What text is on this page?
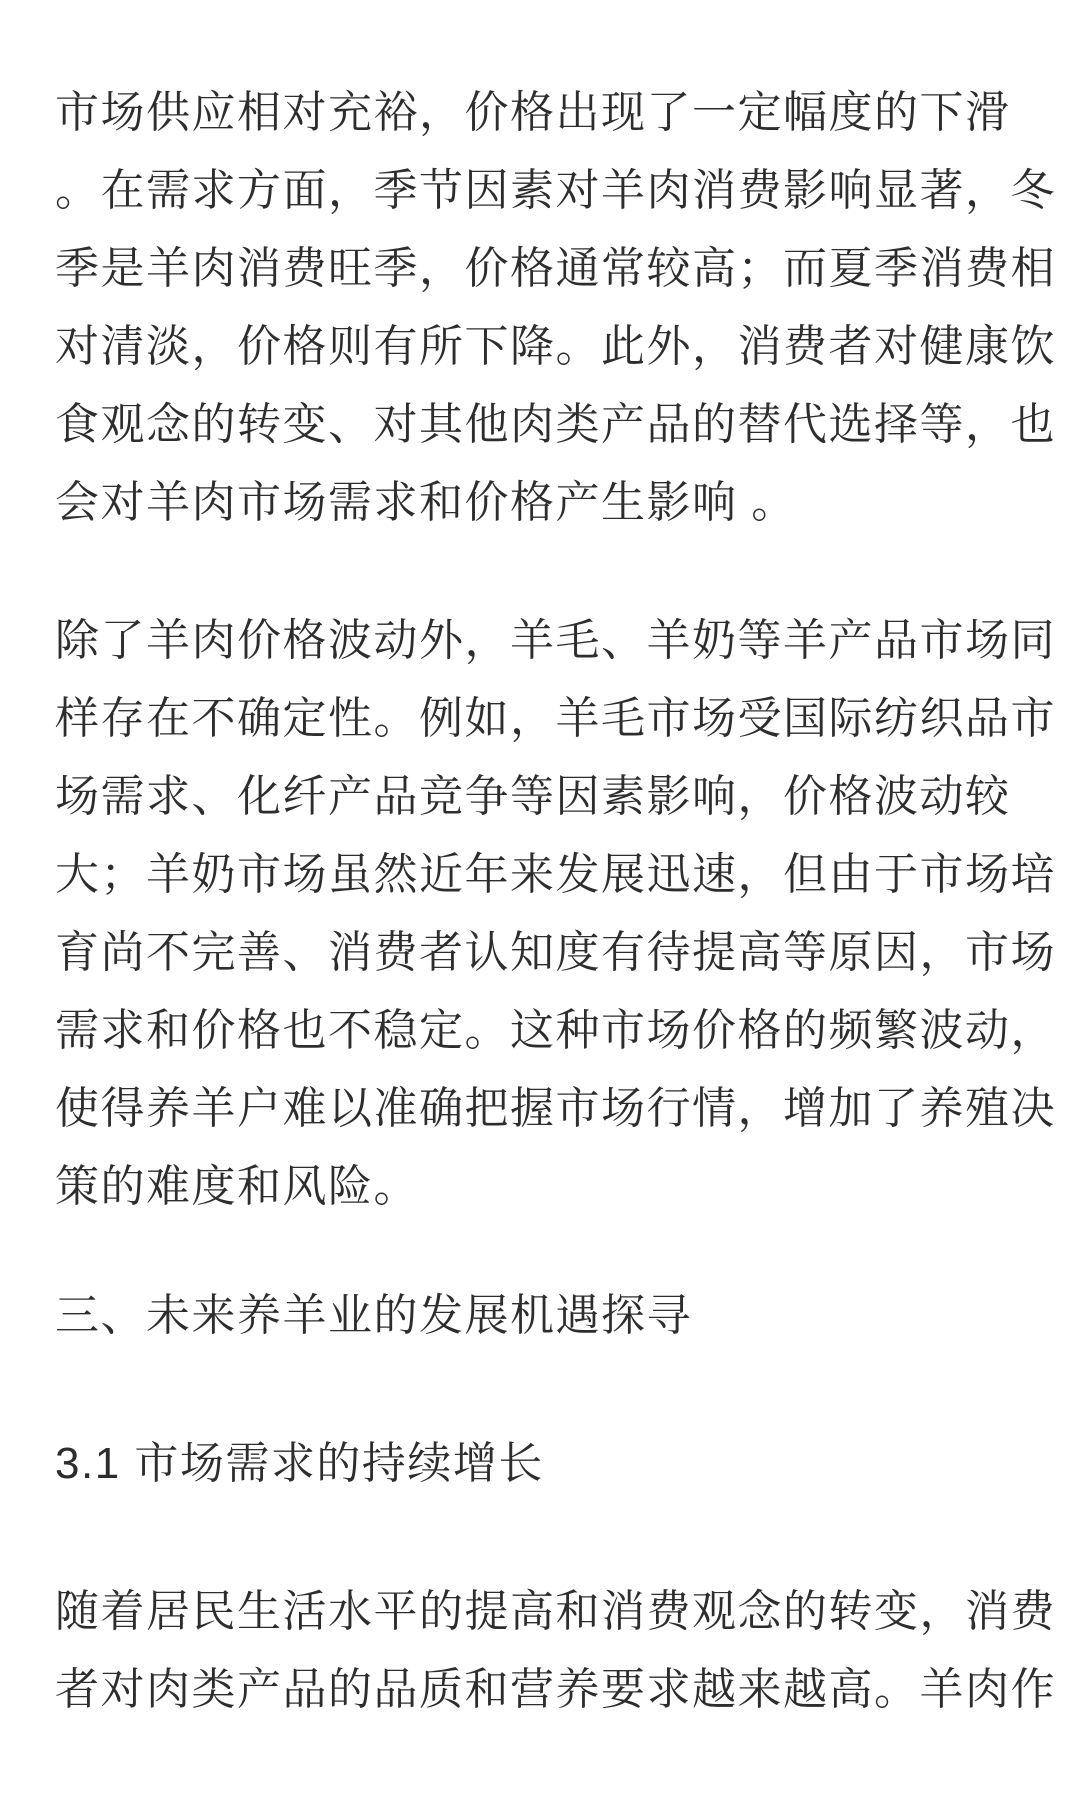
市场供应相对充裕，价格出现了一定幅度的下滑
。在需求方面，季节因素对羊肉消费影响显著，冬
季是羊肉消费旺季，价格通常较高；而夏季消费相
对清淡，价格则有所下降。此外，消费者对健康饮
食观念的转变、对其他肉类产品的替代选择等，也
会对羊肉市场需求和价格产生影响 。
除了羊肉价格波动外，羊毛、羊奶等羊产品市场同
样存在不确定性。例如，羊毛市场受国际纺织品市
场需求、化纤产品竞争等因素影响，价格波动较
大；羊奶市场虽然近年来发展迅速，但由于市场培
育尚不完善、消费者认知度有待提高等原因，市场
需求和价格也不稳定。这种市场价格的频繁波动，
使得养羊户难以准确把握市场行情，增加了养殖决
策的难度和风险。
三、未来养羊业的发展机遇探寻
3.1 市场需求的持续增长
随着居民生活水平的提高和消费观念的转变，消费
者对肉类产品的品质和营养要求越来越高。羊肉作
